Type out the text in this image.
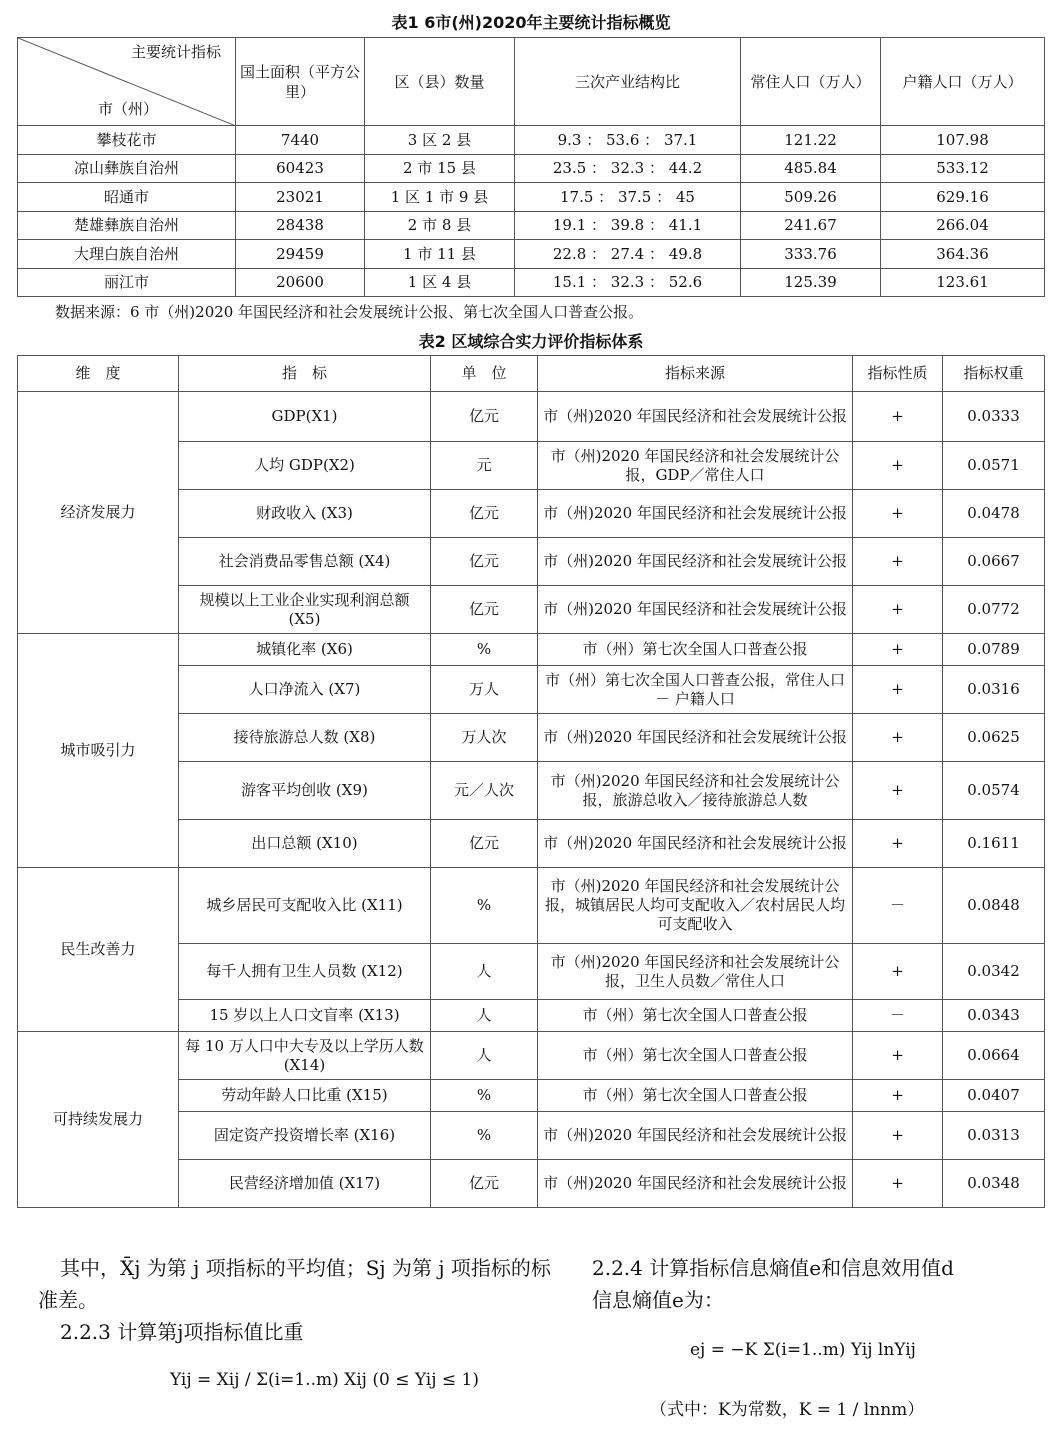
表1 6市(州)2020年主要统计指标概览
主要统计指标
市（州）	国土面积（平方公里）	区（县）数量	三次产业结构比	常住人口（万人）	户籍人口（万人）
攀枝花市	7440	3 区 2 县	9.3 ： 53.6 ： 37.1	121.22	107.98
凉山彝族自治州	60423	2 市 15 县	23.5 ： 32.3 ： 44.2	485.84	533.12
昭通市	23021	1 区 1 市 9 县	17.5 ： 37.5 ： 45	509.26	629.16
楚雄彝族自治州	28438	2 市 8 县	19.1 ： 39.8 ： 41.1	241.67	266.04
大理白族自治州	29459	1 市 11 县	22.8 ： 27.4 ： 49.8	333.76	364.36
丽江市	20600	1 区 4 县	15.1 ： 32.3 ： 52.6	125.39	123.61
数据来源：6 市（州)2020 年国民经济和社会发展统计公报、第七次全国人口普查公报。
表2 区域综合实力评价指标体系
维　度	指　标	单　位	指标来源	指标性质	指标权重
经济发展力	GDP(X1)	亿元	市（州)2020 年国民经济和社会发展统计公报	+	0.0333
	人均 GDP(X2)	元	市（州)2020 年国民经济和社会发展统计公报，GDP／常住人口	+	0.0571
	财政收入 (X3)	亿元	市（州)2020 年国民经济和社会发展统计公报	+	0.0478
	社会消费品零售总额 (X4)	亿元	市（州)2020 年国民经济和社会发展统计公报	+	0.0667
	规模以上工业企业实现利润总额 (X5)	亿元	市（州)2020 年国民经济和社会发展统计公报	+	0.0772
城市吸引力	城镇化率 (X6)	%	市（州）第七次全国人口普查公报	+	0.0789
	人口净流入 (X7)	万人	市（州）第七次全国人口普查公报，常住人口 － 户籍人口	+	0.0316
	接待旅游总人数 (X8)	万人次	市（州)2020 年国民经济和社会发展统计公报	+	0.0625
	游客平均创收 (X9)	元／人次	市（州)2020 年国民经济和社会发展统计公报，旅游总收入／接待旅游总人数	+	0.0574
	出口总额 (X10)	亿元	市（州)2020 年国民经济和社会发展统计公报	+	0.1611
民生改善力	城乡居民可支配收入比 (X11)	%	市（州)2020 年国民经济和社会发展统计公报，城镇居民人均可支配收入／农村居民人均可支配收入	－	0.0848
	每千人拥有卫生人员数 (X12)	人	市（州)2020 年国民经济和社会发展统计公报，卫生人员数／常住人口	+	0.0342
	15 岁以上人口文盲率 (X13)	人	市（州）第七次全国人口普查公报	－	0.0343
可持续发展力	每 10 万人口中大专及以上学历人数 (X14)	人	市（州）第七次全国人口普查公报	+	0.0664
	劳动年龄人口比重 (X15)	%	市（州）第七次全国人口普查公报	+	0.0407
	固定资产投资增长率 (X16)	%	市（州)2020 年国民经济和社会发展统计公报	+	0.0313
	民营经济增加值 (X17)	亿元	市（州)2020 年国民经济和社会发展统计公报	+	0.0348
其中，X̄j 为第 j 项指标的平均值；Sj 为第 j 项指标的标
准差。
2.2.3 计算第j项指标值比重
Yij = Xij / Σ(i=1..m) Xij (0 ≤ Yij ≤ 1)
2.2.4 计算指标信息熵值e和信息效用值d
信息熵值e为：
ej = −K Σ(i=1..m) Yij lnYij
（式中：K为常数，K = 1 / lnnm）
